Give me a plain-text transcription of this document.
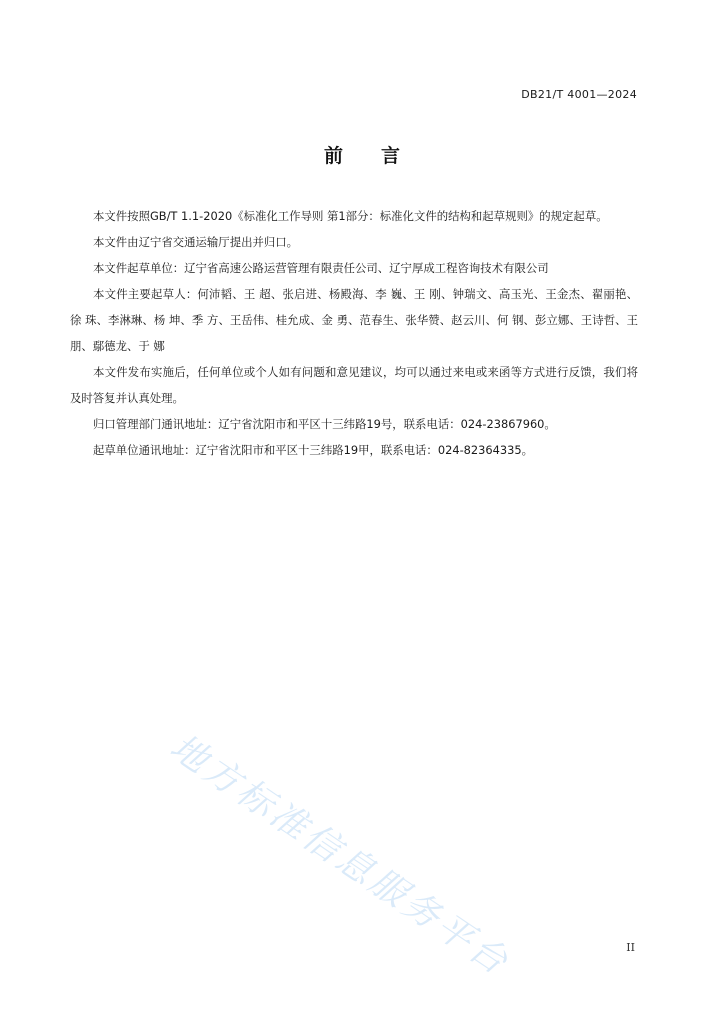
DB21/T 4001—2024
前 言

本文件按照GB/T 1.1-2020《标准化工作导则 第1部分：标准化文件的结构和起草规则》的规定起草。

本文件由辽宁省交通运输厅提出并归口。

本文件起草单位：辽宁省高速公路运营管理有限责任公司、辽宁厚成工程咨询技术有限公司

本文件主要起草人：何沛韬、王 超、张启进、杨殿海、李 巍、王 刚、钟瑞文、高玉光、王金杰、翟丽艳、徐 珠、李淋琳、杨 坤、季 方、王岳伟、桂允成、金 勇、范春生、张华赞、赵云川、何 钢、彭立娜、王诗哲、王 朋、鄢德龙、于 娜

本文件发布实施后，任何单位或个人如有问题和意见建议，均可以通过来电或来函等方式进行反馈，我们将及时答复并认真处理。

归口管理部门通讯地址：辽宁省沈阳市和平区十三纬路19号，联系电话：024-23867960。

起草单位通讯地址：辽宁省沈阳市和平区十三纬路19甲，联系电话：024-82364335。

地方标准信息服务平台	II
